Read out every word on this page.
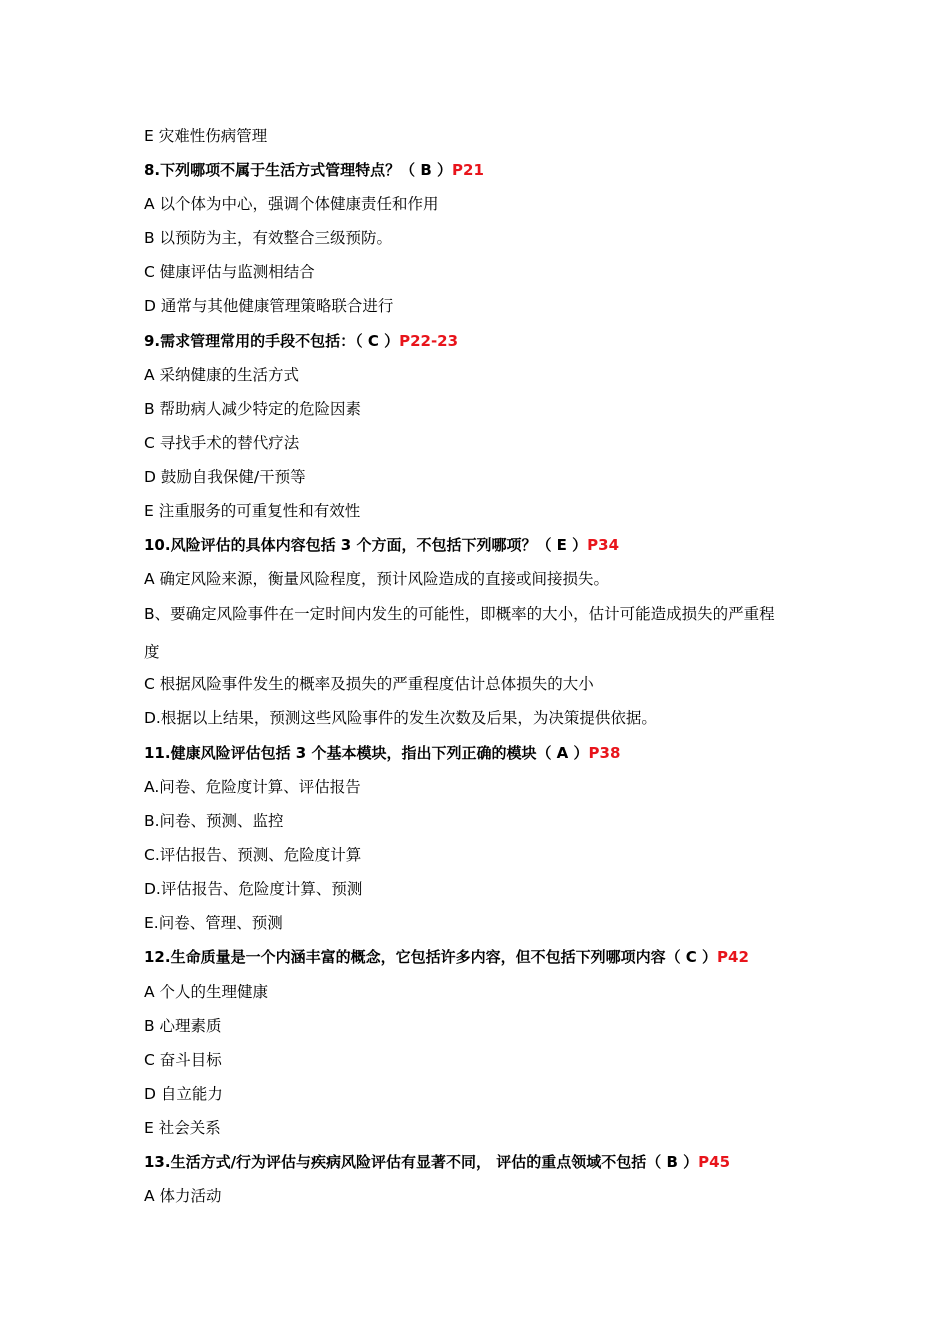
E 灾难性伤病管理
8.下列哪项不属于生活方式管理特点？（ B ）P21
A 以个体为中心，强调个体健康责任和作用
B 以预防为主，有效整合三级预防。
C 健康评估与监测相结合
D 通常与其他健康管理策略联合进行
9.需求管理常用的手段不包括：（ C ）P22-23
A 采纳健康的生活方式
B 帮助病人减少特定的危险因素
C 寻找手术的替代疗法
D 鼓励自我保健/干预等
E 注重服务的可重复性和有效性
10.风险评估的具体内容包括 3 个方面，不包括下列哪项？（ E ）P34
A 确定风险来源，衡量风险程度，预计风险造成的直接或间接损失。
B、要确定风险事件在一定时间内发生的可能性，即概率的大小，估计可能造成损失的严重程
度
C 根据风险事件发生的概率及损失的严重程度估计总体损失的大小
D.根据以上结果，预测这些风险事件的发生次数及后果，为决策提供依据。
11.健康风险评估包括 3 个基本模块，指出下列正确的模块（ A ）P38
A.问卷、危险度计算、评估报告
B.问卷、预测、监控
C.评估报告、预测、危险度计算
D.评估报告、危险度计算、预测
E.问卷、管理、预测
12.生命质量是一个内涵丰富的概念，它包括许多内容，但不包括下列哪项内容（ C ）P42
A 个人的生理健康
B 心理素质
C 奋斗目标
D 自立能力
E 社会关系
13.生活方式/行为评估与疾病风险评估有显著不同， 评估的重点领域不包括（ B ）P45
A 体力活动
